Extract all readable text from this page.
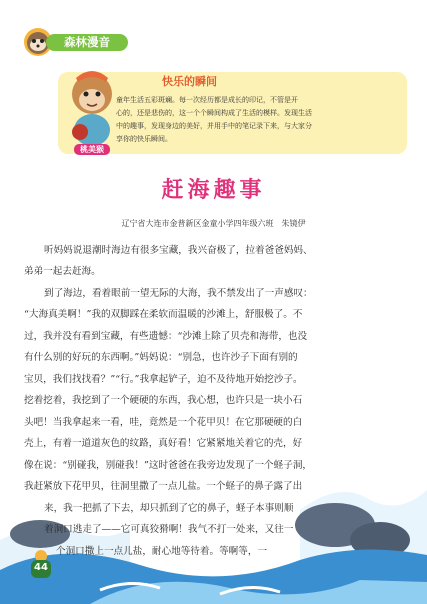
森林漫音
快乐的瞬间
童年生活五彩斑斓。每一次经历都是成长的印记，不管是开
心的，还是悲伤的，这一个个瞬间构成了生活的模样。发现生活
中的趣事，发现身边的美好，并用手中的笔记录下来，与大家分
享你的快乐瞬间。
桃美猴
赶海趣事
辽宁省大连市金普新区金童小学四年级六班　朱镜伊
听妈妈说退潮时海边有很多宝藏，我兴奋极了，拉着爸爸妈妈、
弟弟一起去赶海。
到了海边，看着眼前一望无际的大海，我不禁发出了一声感叹：
“大海真美啊！”我的双脚踩在柔软而温暖的沙滩上，舒服极了。不
过，我并没有看到宝藏，有些遗憾：“沙滩上除了贝壳和海带，也没
有什么别的好玩的东西啊。”妈妈说：“别急，也许沙子下面有别的
宝贝，我们找找看？”“行。”我拿起铲子，迫不及待地开始挖沙子。
挖着挖着，我挖到了一个硬硬的东西，我心想，也许只是一块小石
头吧！当我拿起来一看，哇，竟然是一个花甲贝！在它那硬硬的白
壳上，有着一道道灰色的纹路，真好看！它紧紧地关着它的壳，好
像在说：“别碰我，别碰我！”这时爸爸在我旁边发现了一个蛏子洞，
我赶紧放下花甲贝，往洞里撒了一点儿盐。一个蛏子的鼻子露了出
来，我一把抓了下去，却只抓到了它的鼻子，蛏子本事则顺
着洞口逃走了——它可真狡猾啊！我气不打一处来，又往一
个洞口撒上一点儿盐，耐心地等待着。等啊等，一
44
